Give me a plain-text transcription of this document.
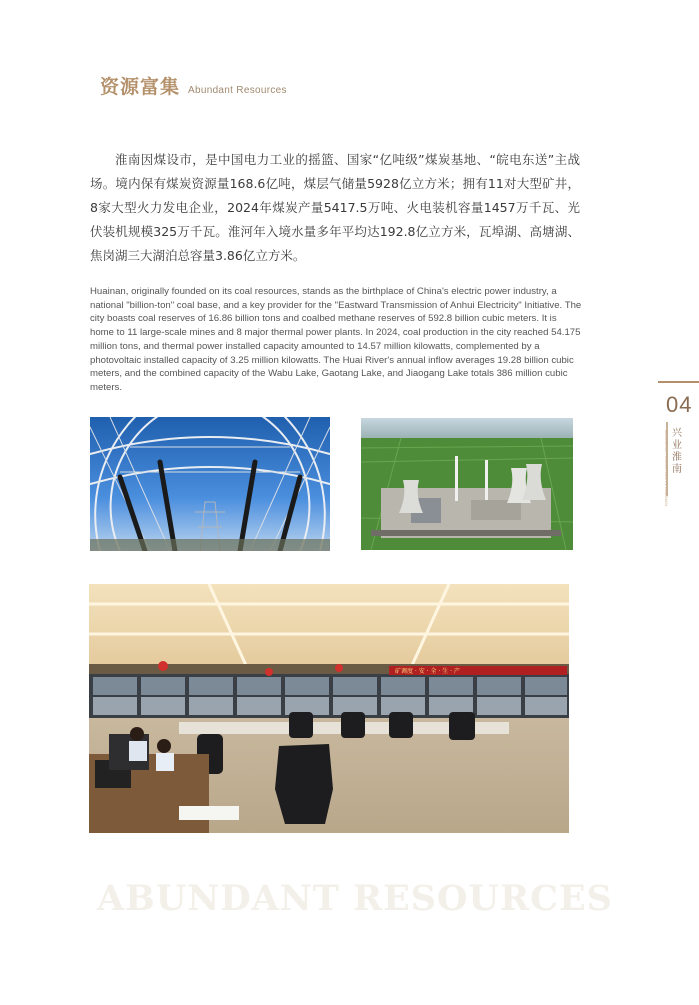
资源富集 Abundant Resources

淮南因煤设市，是中国电力工业的摇篮、国家“亿吨级”煤炭基地、“皖电东送”主战场。境内保有煤炭资源量168.6亿吨，煤层气储量5928亿立方米；拥有11对大型矿井，8家大型火力发电企业，2024年煤炭产量5417.5万吨、火电装机容量1457万千瓦、光伏装机规模325万千瓦。淮河年入境水量多年平均达192.8亿立方米，瓦埠湖、高塘湖、焦岗湖三大湖泊总容量3.86亿立方米。

Huainan, originally founded on its coal resources, stands as the birthplace of China's electric power industry, a national "billion-ton" coal base, and a key provider for the "Eastward Transmission of Anhui Electricity" Initiative. The city boasts coal reserves of 16.86 billion tons and coalbed methane reserves of 592.8 billion cubic meters. It is home to 11 large-scale mines and 8 major thermal power plants. In 2024, coal production in the city reached 54.175 million tons, and thermal power installed capacity amounted to 14.57 million kilowatts, complemented by a photovoltaic installed capacity of 3.25 million kilowatts. The Huai River's annual inflow averages 19.28 billion cubic meters, and the combined capacity of the Wabu Lake, Gaotang Lake, and Jiaogang Lake totals 386 million cubic meters.

04
BUSINESS PROMOTION IN HUAINAN 兴业淮南
矿调度 · 安 · 全 · 生 · 产
ABUNDANT RESOURCES
